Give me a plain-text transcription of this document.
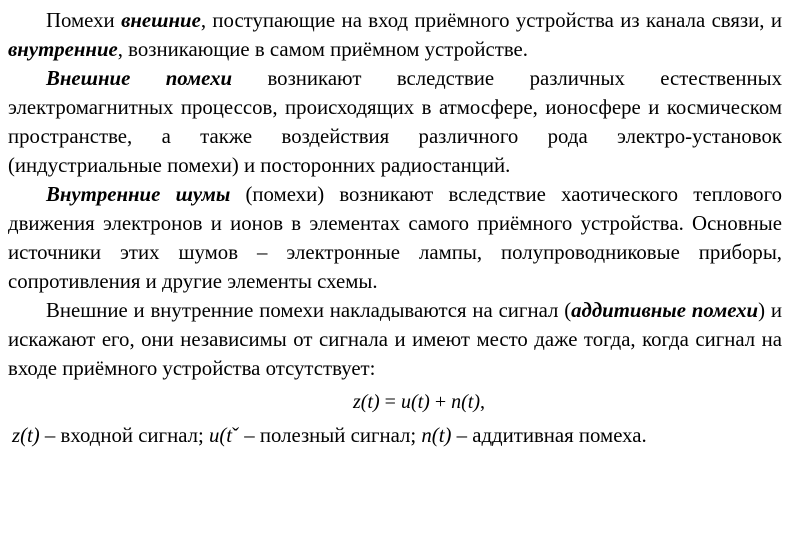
Помехи внешние, поступающие на вход приёмного устройства из канала связи, и внутренние, возникающие в самом приёмном устройстве.

Внешние помехи возникают вследствие различных естественных электромагнитных процессов, происходящих в атмосфере, ионосфере и космическом пространстве, а также воздействия различного рода электро-установок (индустриальные помехи) и посторонних радиостанций.

Внутренние шумы (помехи) возникают вследствие хаотического теплового движения электронов и ионов в элементах самого приёмного устройства. Основные источники этих шумов – электронные лампы, полупроводниковые приборы, сопротивления и другие элементы схемы.

Внешние и внутренние помехи накладываются на сигнал (аддитивные помехи) и искажают его, они независимы от сигнала и имеют место даже тогда, когда сигнал на входе приёмного устройства отсутствует:

z(t) = u(t) + n(t),

z(t) – входной сигнал; u(tˇ – полезный сигнал; n(t) – аддитивная помеха.
